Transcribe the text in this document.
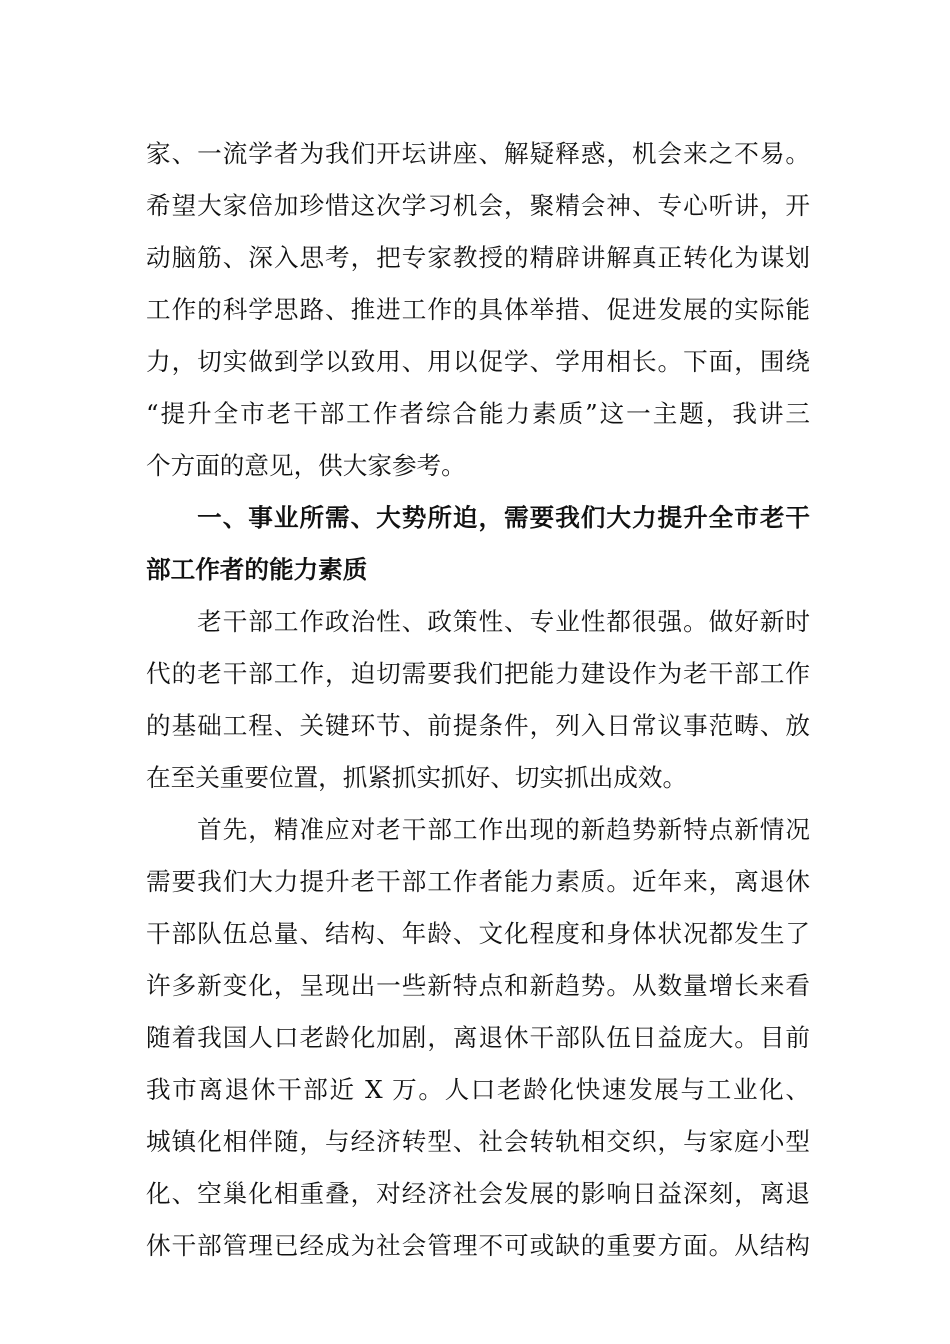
家、一流学者为我们开坛讲座、解疑释惑，机会来之不易。
希望大家倍加珍惜这次学习机会，聚精会神、专心听讲，开
动脑筋、深入思考，把专家教授的精辟讲解真正转化为谋划
工作的科学思路、推进工作的具体举措、促进发展的实际能
力，切实做到学以致用、用以促学、学用相长。下面，围绕
“提升全市老干部工作者综合能力素质”这一主题，我讲三
个方面的意见，供大家参考。
　　一、事业所需、大势所迫，需要我们大力提升全市老干
部工作者的能力素质
　　老干部工作政治性、政策性、专业性都很强。做好新时
代的老干部工作，迫切需要我们把能力建设作为老干部工作
的基础工程、关键环节、前提条件，列入日常议事范畴、放
在至关重要位置，抓紧抓实抓好、切实抓出成效。
　　首先，精准应对老干部工作出现的新趋势新特点新情况
需要我们大力提升老干部工作者能力素质。近年来，离退休
干部队伍总量、结构、年龄、文化程度和身体状况都发生了
许多新变化，呈现出一些新特点和新趋势。从数量增长来看
随着我国人口老龄化加剧，离退休干部队伍日益庞大。目前
我市离退休干部近 X 万。人口老龄化快速发展与工业化、
城镇化相伴随，与经济转型、社会转轨相交织，与家庭小型
化、空巢化相重叠，对经济社会发展的影响日益深刻，离退
休干部管理已经成为社会管理不可或缺的重要方面。从结构
